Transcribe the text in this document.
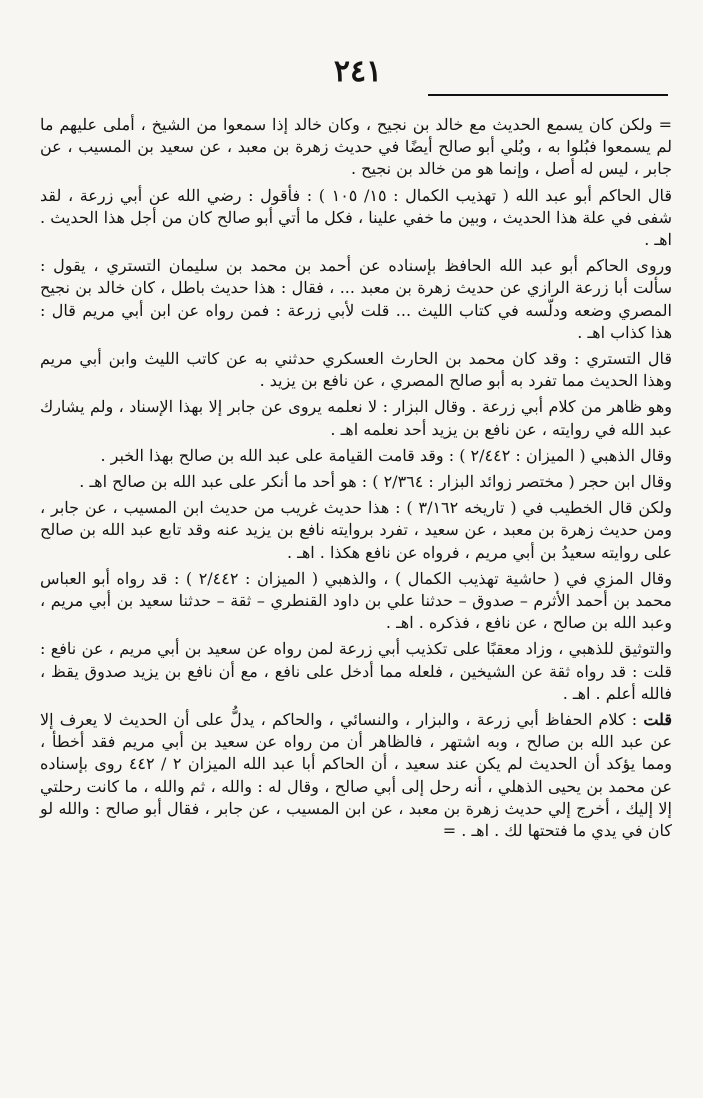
٢٤١

= ولكن كان يسمع الحديث مع خالد بن نجيح ، وكان خالد إذا سمعوا من الشيخ ، أملى عليهم ما لم يسمعوا فبُلوا به ، وبُلي أبو صالح أيضًا في حديث زهرة بن معبد ، عن سعيد بن المسيب ، عن جابر ، ليس له أصل ، وإنما هو من خالد بن نجيح .

قال الحاكم أبو عبد الله ( تهذيب الكمال : ١٥/ ١٠٥ ) : فأقول : رضي الله عن أبي زرعة ، لقد شفى في علة هذا الحديث ، وبين ما خفي علينا ، فكل ما أتي أبو صالح كان من أجل هذا الحديث . اهـ .

وروى الحاكم أبو عبد الله الحافظ بإسناده عن أحمد بن محمد بن سليمان التستري ، يقول : سألت أبا زرعة الرازي عن حديث زهرة بن معبد ... ، فقال : هذا حديث باطل ، كان خالد بن نجيح المصري وضعه ودلّسه في كتاب الليث ... قلت لأبي زرعة : فمن رواه عن ابن أبي مريم قال : هذا كذاب اهـ .

قال التستري : وقد كان محمد بن الحارث العسكري حدثني به عن كاتب الليث وابن أبي مريم وهذا الحديث مما تفرد به أبو صالح المصري ، عن نافع بن يزيد .

وهو ظاهر من كلام أبي زرعة . وقال البزار : لا نعلمه يروى عن جابر إلا بهذا الإسناد ، ولم يشارك عبد الله في روايته ، عن نافع بن يزيد أحد نعلمه اهـ .

وقال الذهبي ( الميزان : ٢/٤٤٢ ) : وقد قامت القيامة على عبد الله بن صالح بهذا الخبر .

وقال ابن حجر ( مختصر زوائد البزار : ٢/٣٦٤ ) : هو أحد ما أنكر على عبد الله بن صالح اهـ .

ولكن قال الخطيب في ( تاريخه ٣/١٦٢ ) : هذا حديث غريب من حديث ابن المسيب ، عن جابر ، ومن حديث زهرة بن معبد ، عن سعيد ، تفرد بروايته نافع بن يزيد عنه وقد تابع عبد الله بن صالح على روايته سعيدُ بن أبي مريم ، فرواه عن نافع هكذا . اهـ .

وقال المزي في ( حاشية تهذيب الكمال ) ، والذهبي ( الميزان : ٢/٤٤٢ ) : قد رواه أبو العباس محمد بن أحمد الأثرم – صدوق – حدثنا علي بن داود القنطري – ثقة – حدثنا سعيد بن أبي مريم ، وعبد الله بن صالح ، عن نافع ، فذكره . اهـ .

والتوثيق للذهبي ، وزاد معقبًا على تكذيب أبي زرعة لمن رواه عن سعيد بن أبي مريم ، عن نافع : قلت : قد رواه ثقة عن الشيخين ، فلعله مما أدخل على نافع ، مع أن نافع بن يزيد صدوق يقظ ، فالله أعلم . اهـ .

قلت : كلام الحفاظ أبي زرعة ، والبزار ، والنسائي ، والحاكم ، يدلُّ على أن الحديث لا يعرف إلا عن عبد الله بن صالح ، وبه اشتهر ، فالظاهر أن من رواه عن سعيد بن أبي مريم فقد أخطأ ، ومما يؤكد أن الحديث لم يكن عند سعيد ، أن الحاكم أبا عبد الله الميزان ٢ / ٤٤٢ روى بإسناده عن محمد بن يحيى الذهلي ، أنه رحل إلى أبي صالح ، وقال له : والله ، ثم والله ، ما كانت رحلتي إلا إليك ، أخرج إلي حديث زهرة بن معبد ، عن ابن المسيب ، عن جابر ، فقال أبو صالح : والله لو كان في يدي ما فتحتها لك . اهـ . =
